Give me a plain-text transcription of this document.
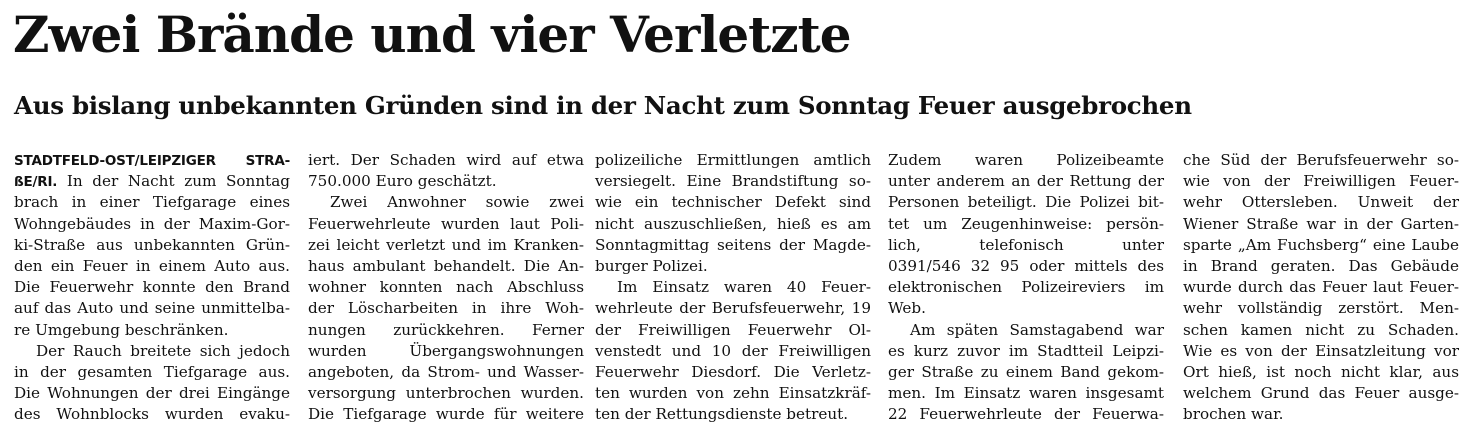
Zwei Brände und vier Verletzte
Aus bislang unbekannten Gründen sind in der Nacht zum Sonntag Feuer ausgebrochen
STADTFELD-OST/LEIPZIGER STRA-
ßE/RI. In der Nacht zum Sonntag
brach in einer Tiefgarage eines
Wohngebäudes in der Maxim-Gor-
ki-Straße aus unbekannten Grün-
den ein Feuer in einem Auto aus.
Die Feuerwehr konnte den Brand
auf das Auto und seine unmittelba-
re Umgebung beschränken.
Der Rauch breitete sich jedoch
in der gesamten Tiefgarage aus.
Die Wohnungen der drei Eingänge
des Wohnblocks wurden evaku-
iert. Der Schaden wird auf etwa
750.000 Euro geschätzt.
Zwei Anwohner sowie zwei
Feuerwehrleute wurden laut Poli-
zei leicht verletzt und im Kranken-
haus ambulant behandelt. Die An-
wohner konnten nach Abschluss
der Löscharbeiten in ihre Woh-
nungen zurückkehren. Ferner
wurden Übergangswohnungen
angeboten, da Strom- und Wasser-
versorgung unterbrochen wurden.
Die Tiefgarage wurde für weitere
polizeiliche Ermittlungen amtlich
versiegelt. Eine Brandstiftung so-
wie ein technischer Defekt sind
nicht auszuschließen, hieß es am
Sonntagmittag seitens der Magde-
burger Polizei.
Im Einsatz waren 40 Feuer-
wehrleute der Berufsfeuerwehr, 19
der Freiwilligen Feuerwehr Ol-
venstedt und 10 der Freiwilligen
Feuerwehr Diesdorf. Die Verletz-
ten wurden von zehn Einsatzkräf-
ten der Rettungsdienste betreut.
Zudem waren Polizeibeamte
unter anderem an der Rettung der
Personen beteiligt. Die Polizei bit-
tet um Zeugenhinweise: persön-
lich, telefonisch unter
0391/546 32 95 oder mittels des
elektronischen Polizeireviers im
Web.
Am späten Samstagabend war
es kurz zuvor im Stadtteil Leipzi-
ger Straße zu einem Band gekom-
men. Im Einsatz waren insgesamt
22 Feuerwehrleute der Feuerwa-
che Süd der Berufsfeuerwehr so-
wie von der Freiwilligen Feuer-
wehr Ottersleben. Unweit der
Wiener Straße war in der Garten-
sparte „Am Fuchsberg“ eine Laube
in Brand geraten. Das Gebäude
wurde durch das Feuer laut Feuer-
wehr vollständig zerstört. Men-
schen kamen nicht zu Schaden.
Wie es von der Einsatzleitung vor
Ort hieß, ist noch nicht klar, aus
welchem Grund das Feuer ausge-
brochen war.
